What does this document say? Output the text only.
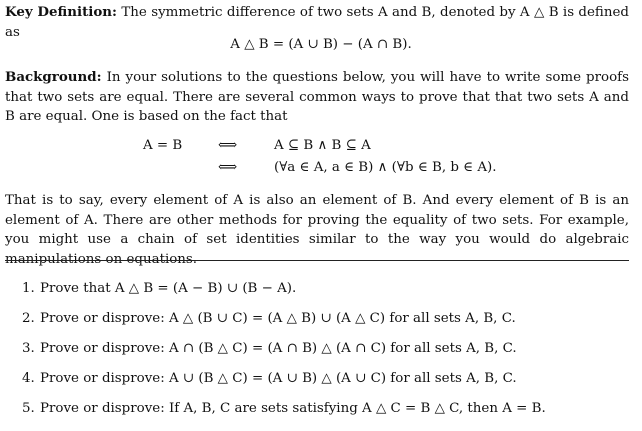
Key Definition: The symmetric difference of two sets A and B, denoted by A △ B is defined as

A △ B = (A ∪ B) − (A ∩ B).

Background: In your solutions to the questions below, you will have to write some proofs that two sets are equal. There are several common ways to prove that that two sets A and B are equal. One is based on the fact that

A = B	⟺	A ⊆ B ∧ B ⊆ A
⟺	(∀a ∈ A, a ∈ B) ∧ (∀b ∈ B, b ∈ A).

That is to say, every element of A is also an element of B. And every element of B is an element of A. There are other methods for proving the equality of two sets. For example, you might use a chain of set identities similar to the way you would do algebraic manipulations on equations.

1. Prove that A △ B = (A − B) ∪ (B − A).

2. Prove or disprove: A △ (B ∪ C) = (A △ B) ∪ (A △ C) for all sets A, B, C.

3. Prove or disprove: A ∩ (B △ C) = (A ∩ B) △ (A ∩ C) for all sets A, B, C.

4. Prove or disprove: A ∪ (B △ C) = (A ∪ B) △ (A ∪ C) for all sets A, B, C.

5. Prove or disprove: If A, B, C are sets satisfying A △ C = B △ C, then A = B.
